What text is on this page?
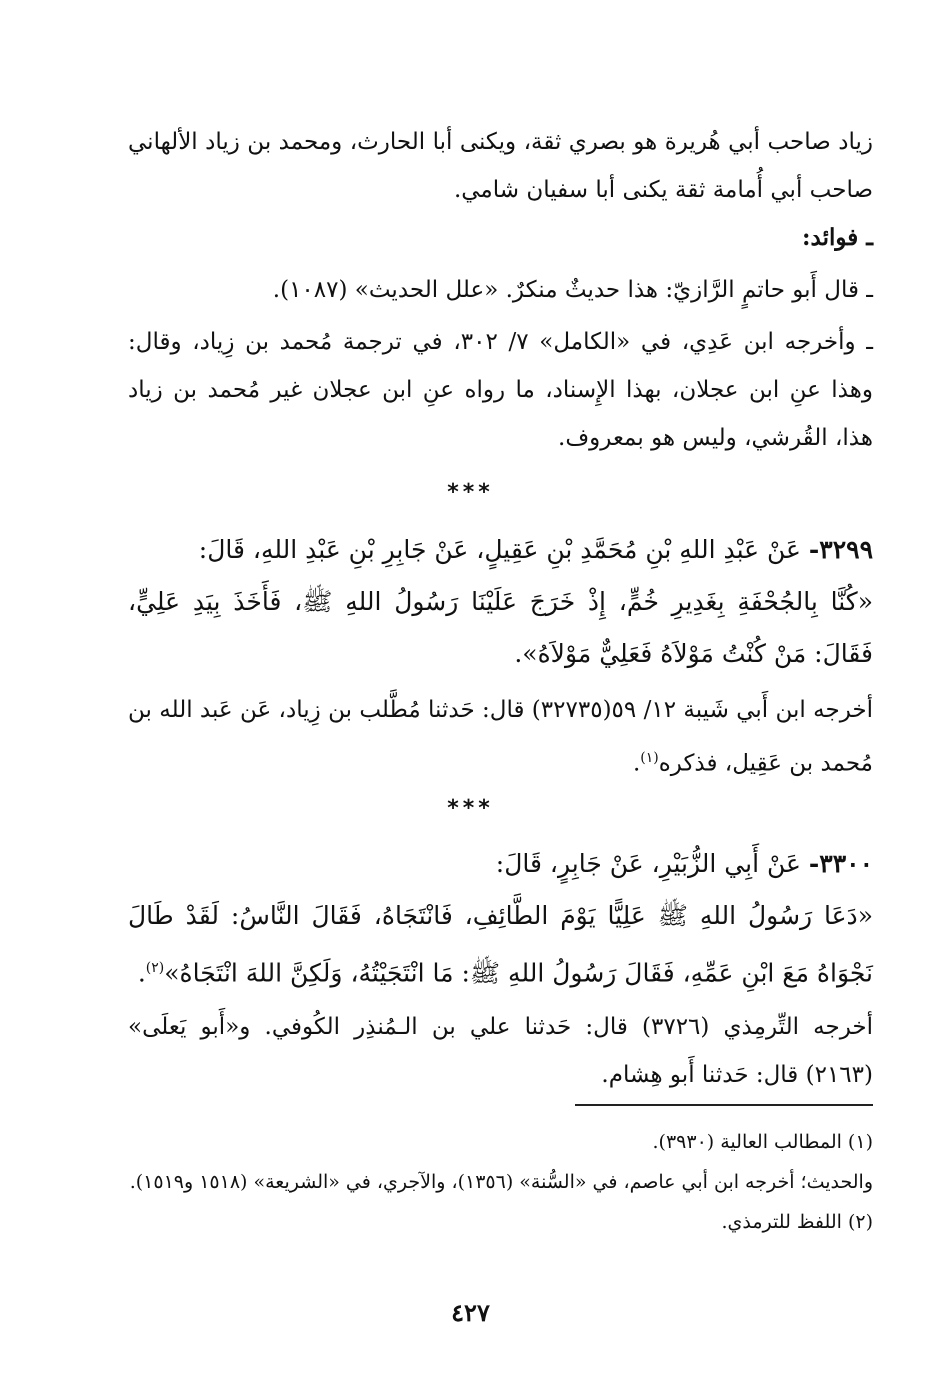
زياد صاحب أبي هُريرة هو بصري ثقة، ويكنى أبا الحارث، ومحمد بن زياد الألهاني صاحب أبي أُمامة ثقة يكنى أبا سفيان شامي.

ـ فوائد:

ـ قال أَبو حاتمٍ الرَّازيّ: هذا حديثٌ منكرٌ. «علل الحديث» (١٠٨٧).

ـ وأخرجه ابن عَدِي، في «الكامل» ٧/ ٣٠٢، في ترجمة مُحمد بن زِياد، وقال: وهذا عنِ ابن عجلان، بهذا الإِسناد، ما رواه عنِ ابن عجلان غير مُحمد بن زياد هذا، القُرشي، وليس هو بمعروف.

***

٣٢٩٩- عَنْ عَبْدِ اللهِ بْنِ مُحَمَّدِ بْنِ عَقِيلٍ، عَنْ جَابِرِ بْنِ عَبْدِ اللهِ، قَالَ:

«كُنَّا بِالجُحْفَةِ بِغَدِيرِ خُمٍّ، إِذْ خَرَجَ عَلَيْنَا رَسُولُ اللهِ ﷺ، فَأَخَذَ بِيَدِ عَلِيٍّ، فَقَالَ: مَنْ كُنْتُ مَوْلاَهُ فَعَلِيٌّ مَوْلاَهُ».

أخرجه ابن أَبي شَيبة ١٢/ ٥٩(٣٢٧٣٥) قال: حَدثنا مُطَّلب بن زِياد، عَن عَبد الله بن مُحمد بن عَقِيل، فذكره$^{(١)}$.

***

٣٣٠٠- عَنْ أَبِي الزُّبَيْرِ، عَنْ جَابِرٍ، قَالَ:

«دَعَا رَسُولُ اللهِ ﷺ عَلِيًّا يَوْمَ الطَّائِفِ، فَانْتَجَاهُ، فَقَالَ النَّاسُ: لَقَدْ طَالَ نَجْوَاهُ مَعَ ابْنِ عَمِّهِ، فَقَالَ رَسُولُ اللهِ ﷺ: مَا انْتَجَيْتُهُ، وَلَكِنَّ اللهَ انْتَجَاهُ»$^{(٢)}$.

أخرجه التِّرمِذي (٣٧٢٦) قال: حَدثنا علي بن الـمُنذِر الكُوفي. و«أَبو يَعلَى» (٢١٦٣) قال: حَدثنا أَبو هِشام.

(١) المطالب العالية (٣٩٣٠).

والحديث؛ أخرجه ابن أبي عاصم، في «السُّنة» (١٣٥٦)، والآجري، في «الشريعة» (١٥١٨ و١٥١٩).

(٢) اللفظ للترمذي.

٤٢٧
